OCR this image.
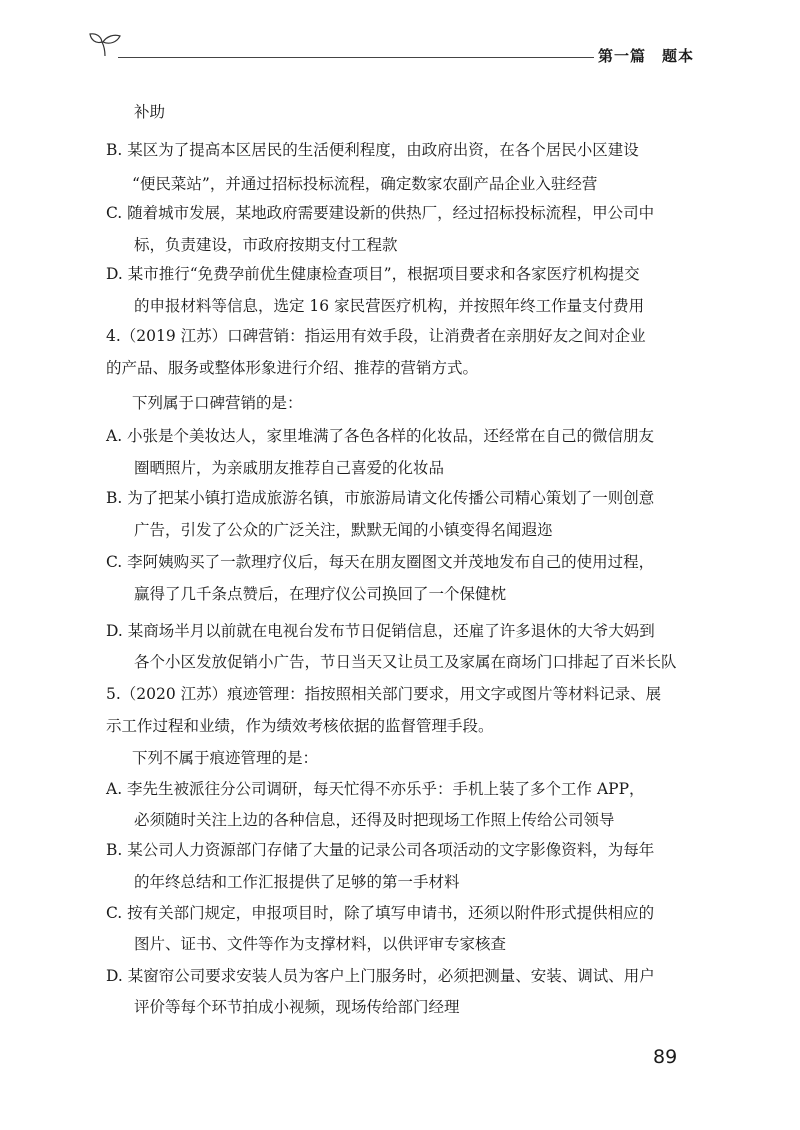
第一篇　题本
补助
B. 某区为了提高本区居民的生活便利程度，由政府出资，在各个居民小区建设
“便民菜站”，并通过招标投标流程，确定数家农副产品企业入驻经营
C. 随着城市发展，某地政府需要建设新的供热厂，经过招标投标流程，甲公司中
标，负责建设，市政府按期支付工程款
D. 某市推行“免费孕前优生健康检查项目”，根据项目要求和各家医疗机构提交
的申报材料等信息，选定 16 家民营医疗机构，并按照年终工作量支付费用
4.（2019 江苏）口碑营销：指运用有效手段，让消费者在亲朋好友之间对企业
的产品、服务或整体形象进行介绍、推荐的营销方式。
下列属于口碑营销的是：
A. 小张是个美妆达人，家里堆满了各色各样的化妆品，还经常在自己的微信朋友
圈晒照片，为亲戚朋友推荐自己喜爱的化妆品
B. 为了把某小镇打造成旅游名镇，市旅游局请文化传播公司精心策划了一则创意
广告，引发了公众的广泛关注，默默无闻的小镇变得名闻遐迩
C. 李阿姨购买了一款理疗仪后，每天在朋友圈图文并茂地发布自己的使用过程，
赢得了几千条点赞后，在理疗仪公司换回了一个保健枕
D. 某商场半月以前就在电视台发布节日促销信息，还雇了许多退休的大爷大妈到
各个小区发放促销小广告，节日当天又让员工及家属在商场门口排起了百米长队
5.（2020 江苏）痕迹管理：指按照相关部门要求，用文字或图片等材料记录、展
示工作过程和业绩，作为绩效考核依据的监督管理手段。
下列不属于痕迹管理的是：
A. 李先生被派往分公司调研，每天忙得不亦乐乎：手机上装了多个工作 APP，
必须随时关注上边的各种信息，还得及时把现场工作照上传给公司领导
B. 某公司人力资源部门存储了大量的记录公司各项活动的文字影像资料，为每年
的年终总结和工作汇报提供了足够的第一手材料
C. 按有关部门规定，申报项目时，除了填写申请书，还须以附件形式提供相应的
图片、证书、文件等作为支撑材料，以供评审专家核查
D. 某窗帘公司要求安装人员为客户上门服务时，必须把测量、安装、调试、用户
评价等每个环节拍成小视频，现场传给部门经理
89
